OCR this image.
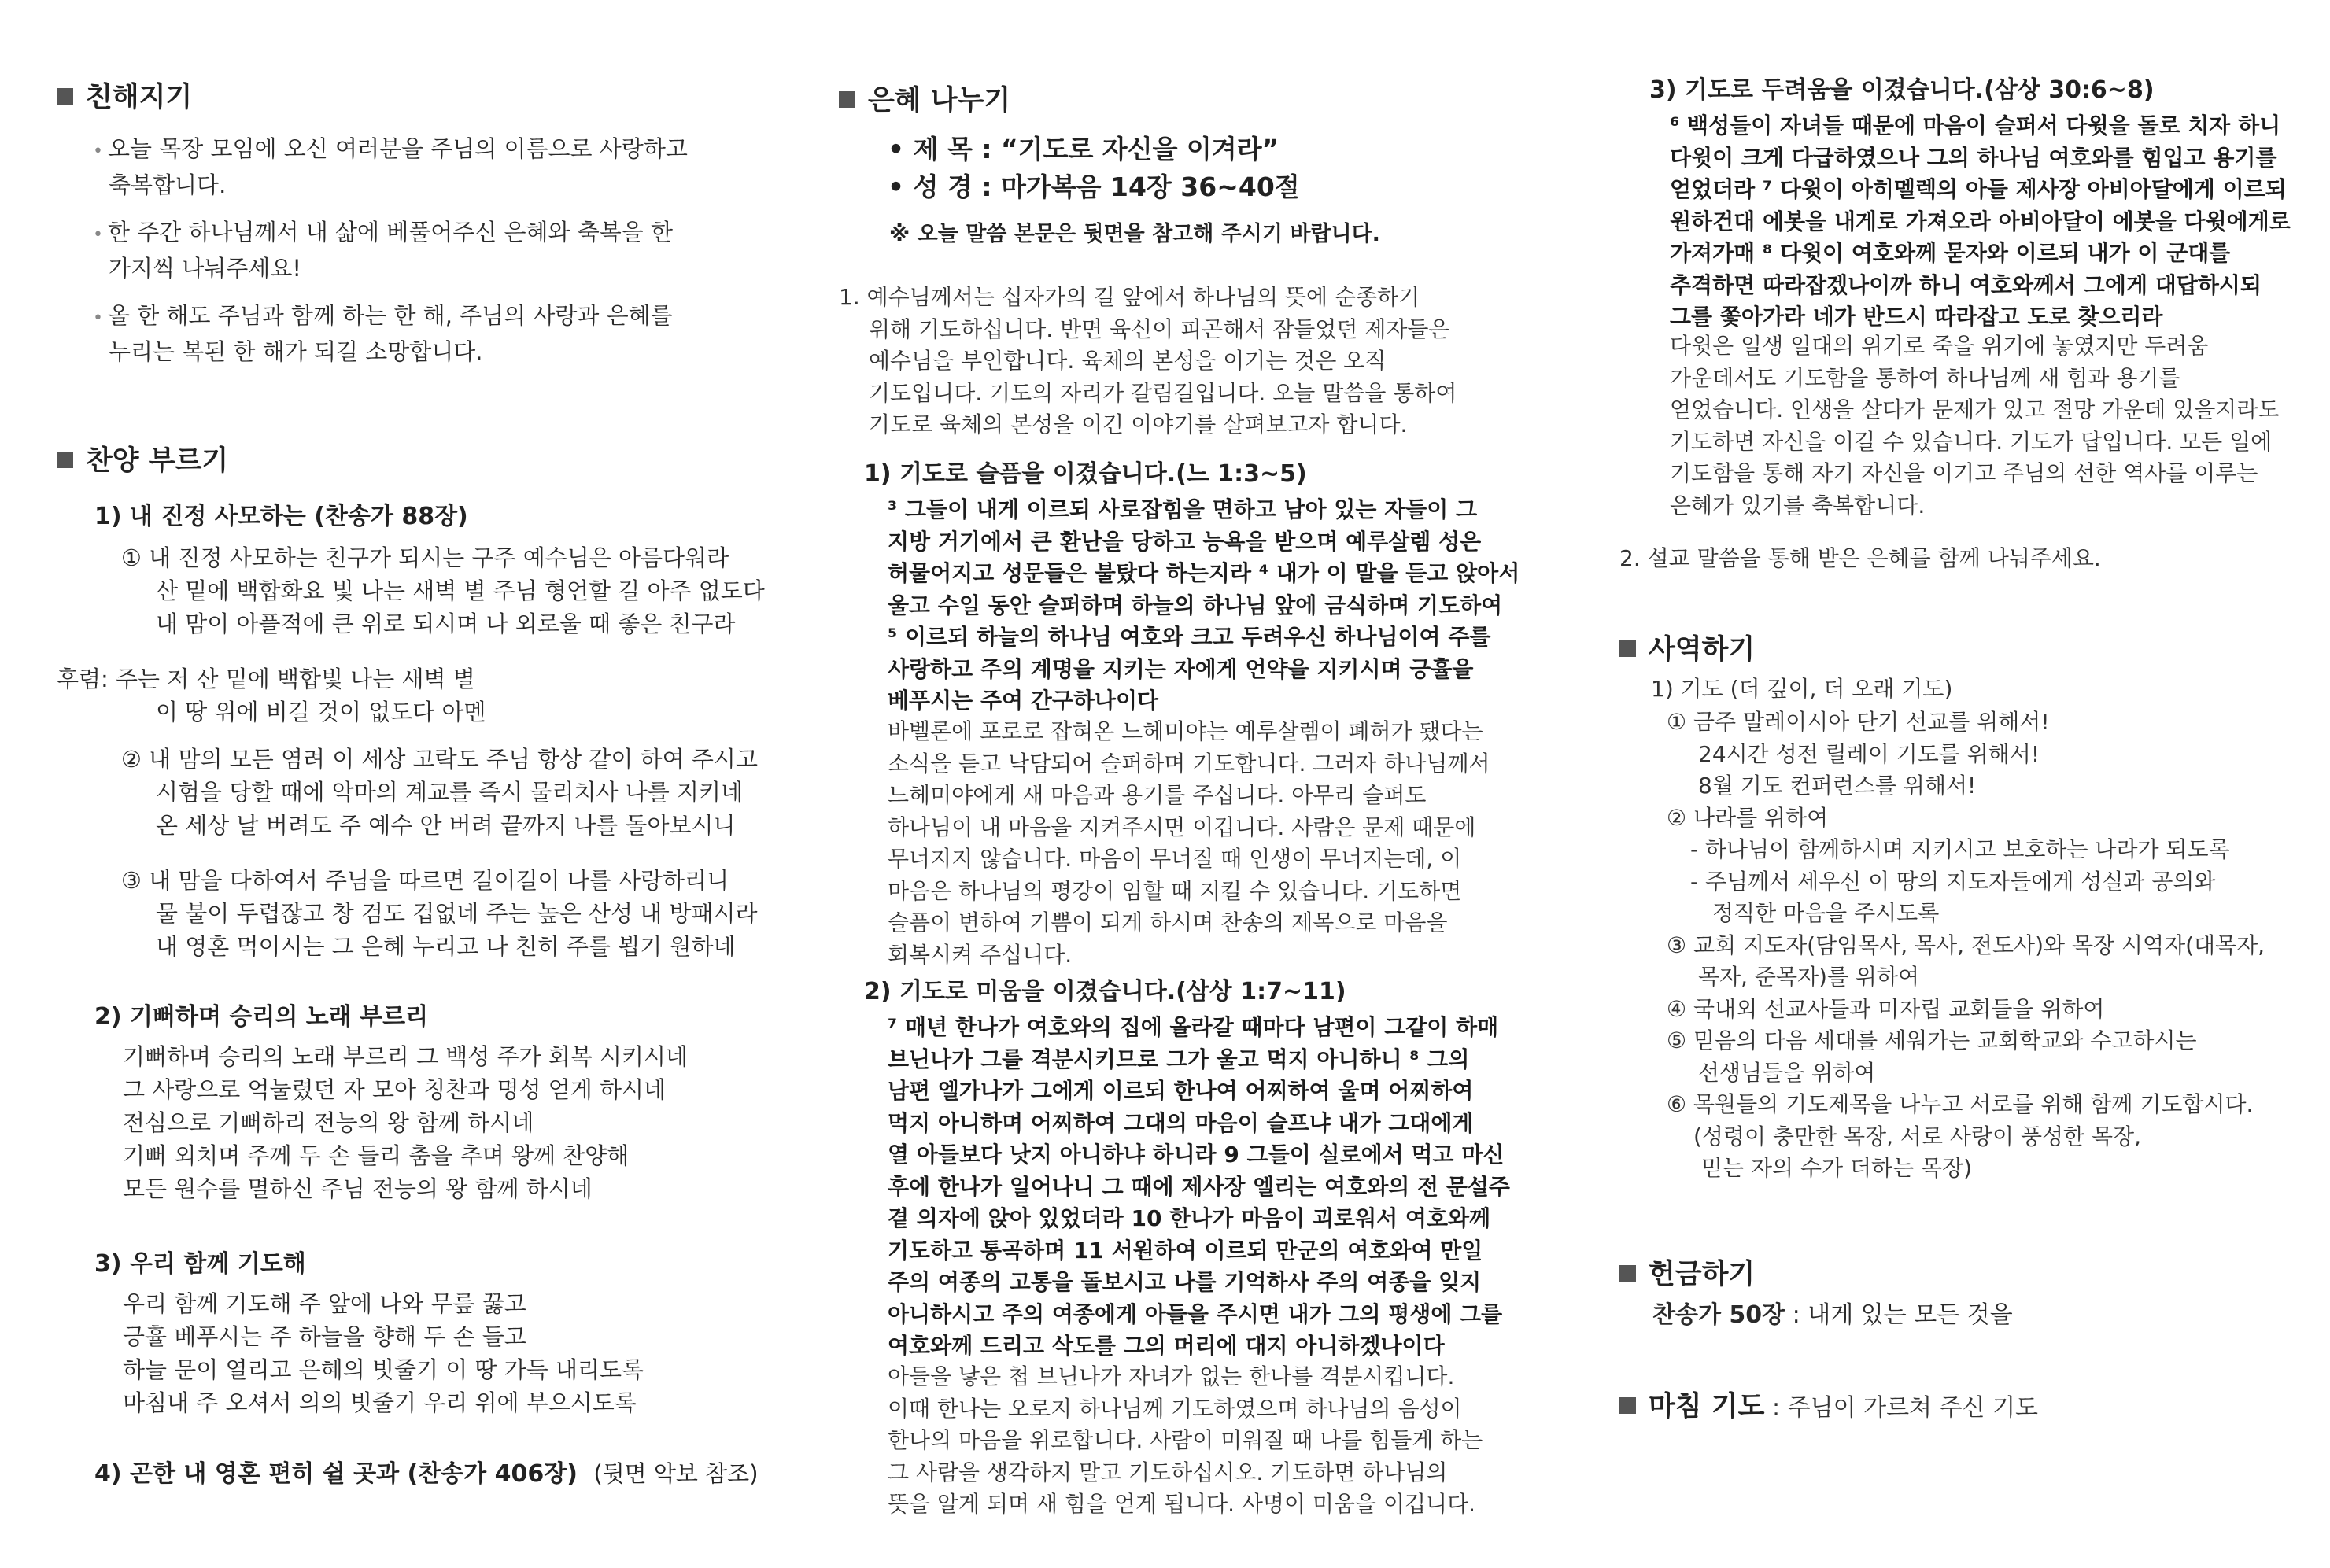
친해지기
• 오늘 목장 모임에 오신 여러분을 주님의 이름으로 사랑하고
축복합니다.
• 한 주간 하나님께서 내 삶에 베풀어주신 은혜와 축복을 한
가지씩 나눠주세요!
• 올 한 해도 주님과 함께 하는 한 해, 주님의 사랑과 은혜를
누리는 복된 한 해가 되길 소망합니다.
찬양 부르기
1) 내 진정 사모하는 (찬송가 88장)
① 내 진정 사모하는 친구가 되시는 구주 예수님은 아름다워라
산 밑에 백합화요 빛 나는 새벽 별 주님 형언할 길 아주 없도다
내 맘이 아플적에 큰 위로 되시며 나 외로울 때 좋은 친구라
후렴: 주는 저 산 밑에 백합빛 나는 새벽 별
이 땅 위에 비길 것이 없도다 아멘
② 내 맘의 모든 염려 이 세상 고락도 주님 항상 같이 하여 주시고
시험을 당할 때에 악마의 계교를 즉시 물리치사 나를 지키네
온 세상 날 버려도 주 예수 안 버려 끝까지 나를 돌아보시니
③ 내 맘을 다하여서 주님을 따르면 길이길이 나를 사랑하리니
물 불이 두렵잖고 창 검도 겁없네 주는 높은 산성 내 방패시라
내 영혼 먹이시는 그 은혜 누리고 나 친히 주를 뵙기 원하네
2) 기뻐하며 승리의 노래 부르리
기뻐하며 승리의 노래 부르리 그 백성 주가 회복 시키시네
그 사랑으로 억눌렸던 자 모아 칭찬과 명성 얻게 하시네
전심으로 기뻐하리 전능의 왕 함께 하시네
기뻐 외치며 주께 두 손 들리 춤을 추며 왕께 찬양해
모든 원수를 멸하신 주님 전능의 왕 함께 하시네
3) 우리 함께 기도해
우리 함께 기도해 주 앞에 나와 무릎 꿇고
긍휼 베푸시는 주 하늘을 향해 두 손 들고
하늘 문이 열리고 은혜의 빗줄기 이 땅 가득 내리도록
마침내 주 오셔서 의의 빗줄기 우리 위에 부으시도록
4) 곤한 내 영혼 편히 쉴 곳과 (찬송가 406장) (뒷면 악보 참조)
은혜 나누기
• 제 목 : “기도로 자신을 이겨라”
• 성 경 : 마가복음 14장 36~40절
※ 오늘 말씀 본문은 뒷면을 참고해 주시기 바랍니다.

1. 예수님께서는 십자가의 길 앞에서 하나님의 뜻에 순종하기

위해 기도하십니다. 반면 육신이 피곤해서 잠들었던 제자들은

예수님을 부인합니다. 육체의 본성을 이기는 것은 오직

기도입니다. 기도의 자리가 갈림길입니다. 오늘 말씀을 통하여

기도로 육체의 본성을 이긴 이야기를 살펴보고자 합니다.

1) 기도로 슬픔을 이겼습니다.(느 1:3~5)

³ 그들이 내게 이르되 사로잡힘을 면하고 남아 있는 자들이 그

지방 거기에서 큰 환난을 당하고 능욕을 받으며 예루살렘 성은

허물어지고 성문들은 불탔다 하는지라 ⁴ 내가 이 말을 듣고 앉아서

울고 수일 동안 슬퍼하며 하늘의 하나님 앞에 금식하며 기도하여

⁵ 이르되 하늘의 하나님 여호와 크고 두려우신 하나님이여 주를

사랑하고 주의 계명을 지키는 자에게 언약을 지키시며 긍휼을

베푸시는 주여 간구하나이다

바벨론에 포로로 잡혀온 느헤미야는 예루살렘이 폐허가 됐다는

소식을 듣고 낙담되어 슬퍼하며 기도합니다. 그러자 하나님께서

느헤미야에게 새 마음과 용기를 주십니다. 아무리 슬퍼도

하나님이 내 마음을 지켜주시면 이깁니다. 사람은 문제 때문에

무너지지 않습니다. 마음이 무너질 때 인생이 무너지는데, 이

마음은 하나님의 평강이 임할 때 지킬 수 있습니다. 기도하면

슬픔이 변하여 기쁨이 되게 하시며 찬송의 제목으로 마음을

회복시켜 주십니다.

2) 기도로 미움을 이겼습니다.(삼상 1:7~11)

⁷ 매년 한나가 여호와의 집에 올라갈 때마다 남편이 그같이 하매

브닌나가 그를 격분시키므로 그가 울고 먹지 아니하니 ⁸ 그의

남편 엘가나가 그에게 이르되 한나여 어찌하여 울며 어찌하여

먹지 아니하며 어찌하여 그대의 마음이 슬프냐 내가 그대에게

열 아들보다 낫지 아니하냐 하니라 9 그들이 실로에서 먹고 마신

후에 한나가 일어나니 그 때에 제사장 엘리는 여호와의 전 문설주

곁 의자에 앉아 있었더라 10 한나가 마음이 괴로워서 여호와께

기도하고 통곡하며 11 서원하여 이르되 만군의 여호와여 만일

주의 여종의 고통을 돌보시고 나를 기억하사 주의 여종을 잊지

아니하시고 주의 여종에게 아들을 주시면 내가 그의 평생에 그를

여호와께 드리고 삭도를 그의 머리에 대지 아니하겠나이다

아들을 낳은 첩 브닌나가 자녀가 없는 한나를 격분시킵니다.

이때 한나는 오로지 하나님께 기도하였으며 하나님의 음성이

한나의 마음을 위로합니다. 사람이 미워질 때 나를 힘들게 하는

그 사람을 생각하지 말고 기도하십시오. 기도하면 하나님의

뜻을 알게 되며 새 힘을 얻게 됩니다. 사명이 미움을 이깁니다.

3) 기도로 두려움을 이겼습니다.(삼상 30:6~8)

⁶ 백성들이 자녀들 때문에 마음이 슬퍼서 다윗을 돌로 치자 하니

다윗이 크게 다급하였으나 그의 하나님 여호와를 힘입고 용기를

얻었더라 ⁷ 다윗이 아히멜렉의 아들 제사장 아비아달에게 이르되

원하건대 에봇을 내게로 가져오라 아비아달이 에봇을 다윗에게로

가져가매 ⁸ 다윗이 여호와께 묻자와 이르되 내가 이 군대를

추격하면 따라잡겠나이까 하니 여호와께서 그에게 대답하시되

그를 쫓아가라 네가 반드시 따라잡고 도로 찾으리라

다윗은 일생 일대의 위기로 죽을 위기에 놓였지만 두려움

가운데서도 기도함을 통하여 하나님께 새 힘과 용기를

얻었습니다. 인생을 살다가 문제가 있고 절망 가운데 있을지라도

기도하면 자신을 이길 수 있습니다. 기도가 답입니다. 모든 일에

기도함을 통해 자기 자신을 이기고 주님의 선한 역사를 이루는

은혜가 있기를 축복합니다.

2. 설교 말씀을 통해 받은 은혜를 함께 나눠주세요.
사역하기
1) 기도 (더 깊이, 더 오래 기도)

① 금주 말레이시아 단기 선교를 위해서!

24시간 성전 릴레이 기도를 위해서!

8월 기도 컨퍼런스를 위해서!

② 나라를 위하여

- 하나님이 함께하시며 지키시고 보호하는 나라가 되도록

- 주님께서 세우신 이 땅의 지도자들에게 성실과 공의와

정직한 마음을 주시도록

③ 교회 지도자(담임목사, 목사, 전도사)와 목장 시역자(대목자,

목자, 준목자)를 위하여

④ 국내외 선교사들과 미자립 교회들을 위하여

⑤ 믿음의 다음 세대를 세워가는 교회학교와 수고하시는

선생님들을 위하여

⑥ 목원들의 기도제목을 나누고 서로를 위해 함께 기도합시다.

(성령이 충만한 목장, 서로 사랑이 풍성한 목장,

믿는 자의 수가 더하는 목장)

헌금하기
찬송가 50장 : 내게 있는 모든 것을
마침 기도 : 주님이 가르쳐 주신 기도
